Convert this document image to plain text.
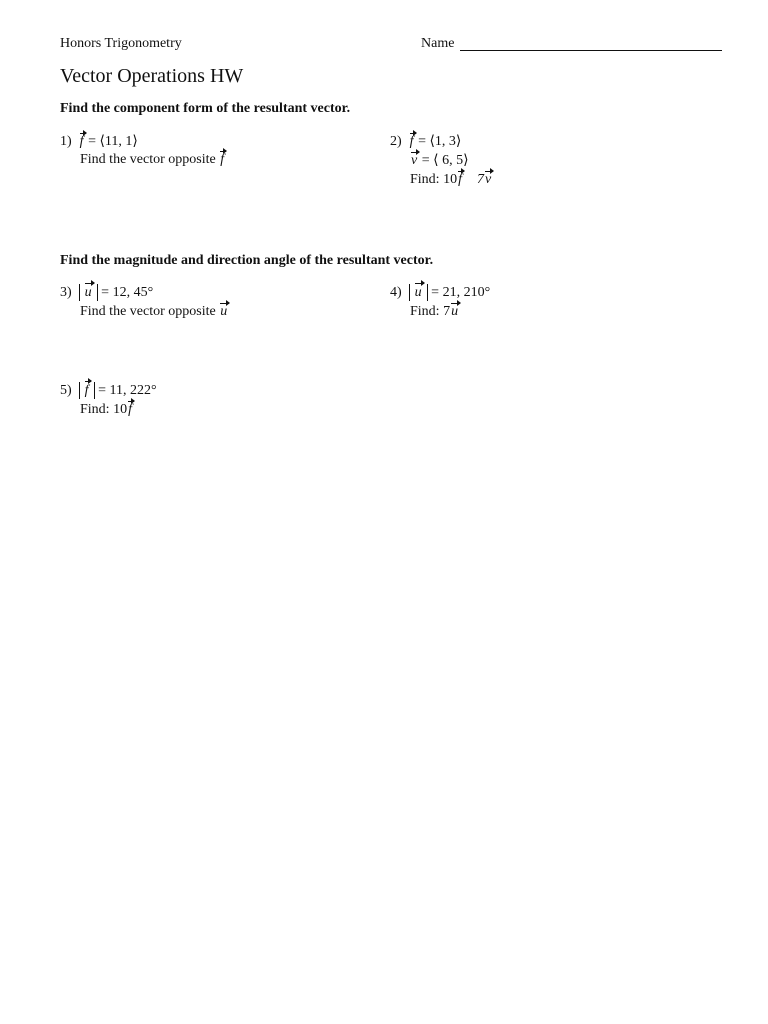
Honors Trigonometry	Name
Vector Operations HW
Find the component form of the resultant vector.
1) f = ⟨11, 1⟩
Find the vector opposite f
2) f = ⟨1, 3⟩
v = ⟨ 6, 5⟩
Find: 10f 7v
Find the magnitude and direction angle of the resultant vector.
3) u = 12, 45°
Find the vector opposite u
4) u = 21, 210°
Find: 7u
5) f = 11, 222°
Find: 10f
